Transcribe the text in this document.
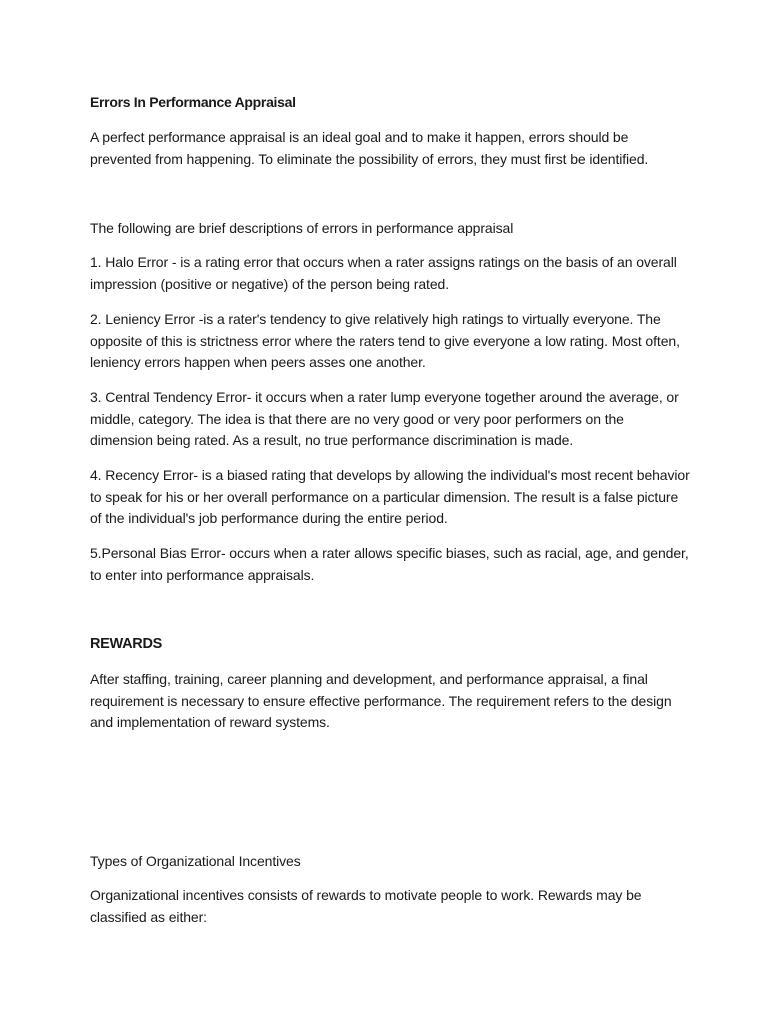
Errors In Performance Appraisal

A perfect performance appraisal is an ideal goal and to make it happen, errors should be prevented from happening. To eliminate the possibility of errors, they must first be identified.

The following are brief descriptions of errors in performance appraisal

1. Halo Error - is a rating error that occurs when a rater assigns ratings on the basis of an overall impression (positive or negative) of the person being rated.

2. Leniency Error -is a rater's tendency to give relatively high ratings to virtually everyone. The opposite of this is strictness error where the raters tend to give everyone a low rating. Most often, leniency errors happen when peers asses one another.

3. Central Tendency Error- it occurs when a rater lump everyone together around the average, or middle, category. The idea is that there are no very good or very poor performers on the dimension being rated. As a result, no true performance discrimination is made.

4. Recency Error- is a biased rating that develops by allowing the individual's most recent behavior to speak for his or her overall performance on a particular dimension. The result is a false picture of the individual's job performance during the entire period.

5.Personal Bias Error- occurs when a rater allows specific biases, such as racial, age, and gender, to enter into performance appraisals.

REWARDS

After staffing, training, career planning and development, and performance appraisal, a final requirement is necessary to ensure effective performance. The requirement refers to the design and implementation of reward systems.

Types of Organizational Incentives

Organizational incentives consists of rewards to motivate people to work. Rewards may be classified as either:
